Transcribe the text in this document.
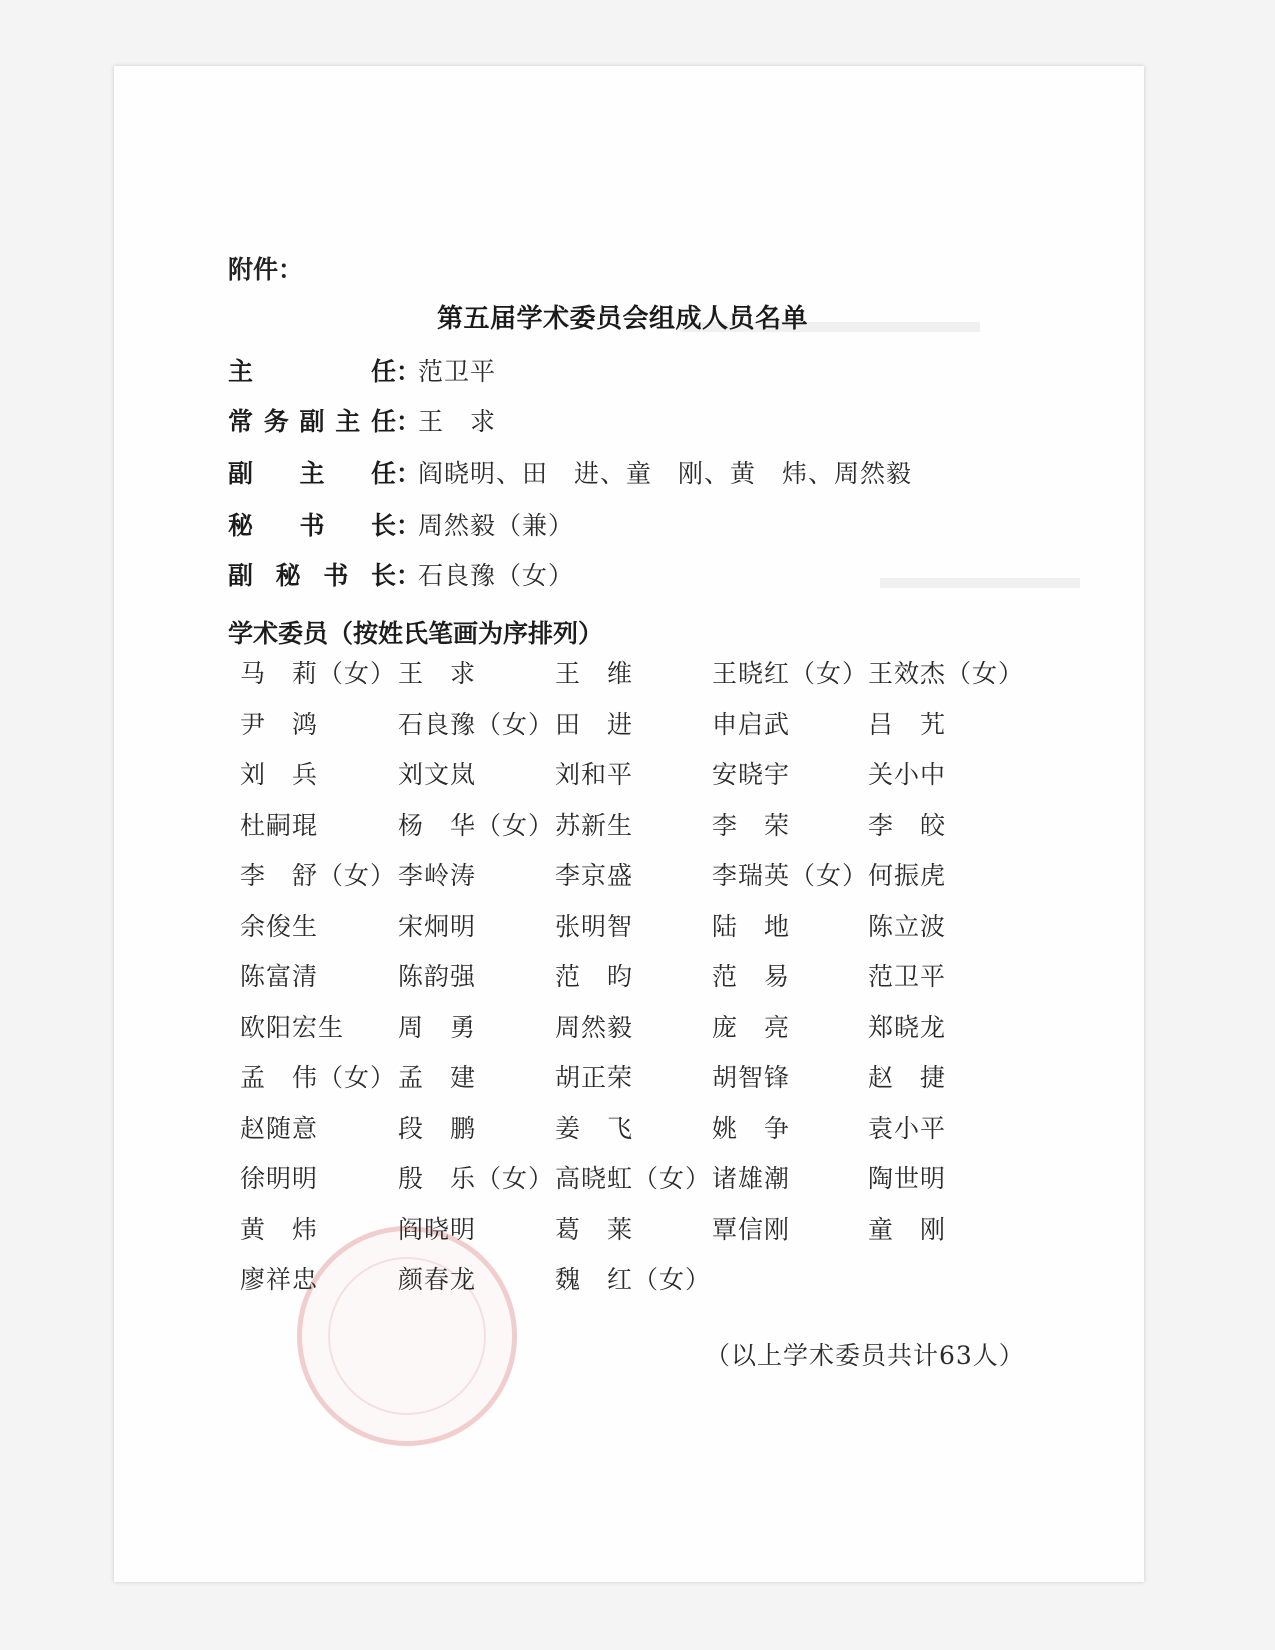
附件：
第五届学术委员会组成人员名单
主	任 ：
范卫平
常 务 副 主 任 ：
王　求
副 主 任 ：
阎晓明、田　进、童　刚、黄　炜、周然毅
秘 书 长 ：
周然毅（兼）
副 秘 书 长 ：
石良豫（女）
学术委员（按姓氏笔画为序排列）
马　莉（女） 王　求	王　维	王晓红（女） 王效杰（女）
尹　鸿	石良豫（女） 田　进	申启武	吕　艽
刘　兵	刘文岚	刘和平	安晓宇	关小中
杜嗣琨	杨　华（女） 苏新生	李　荣	李　皎
李　舒（女） 李岭涛	李京盛	李瑞英（女） 何振虎
余俊生	宋炯明	张明智	陆　地	陈立波
陈富清	陈韵强	范　昀	范　易	范卫平
欧阳宏生 周　勇	周然毅	庞　亮	郑晓龙
孟　伟（女） 孟　建	胡正荣	胡智锋	赵　捷
赵随意	段　鹏	姜　飞	姚　争	袁小平
徐明明	殷　乐（女） 高晓虹（女） 诸雄潮	陶世明
黄　炜	阎晓明	葛　莱	覃信刚	童　刚
廖祥忠	颜春龙	魏　红（女）
（以上学术委员共计63人）
